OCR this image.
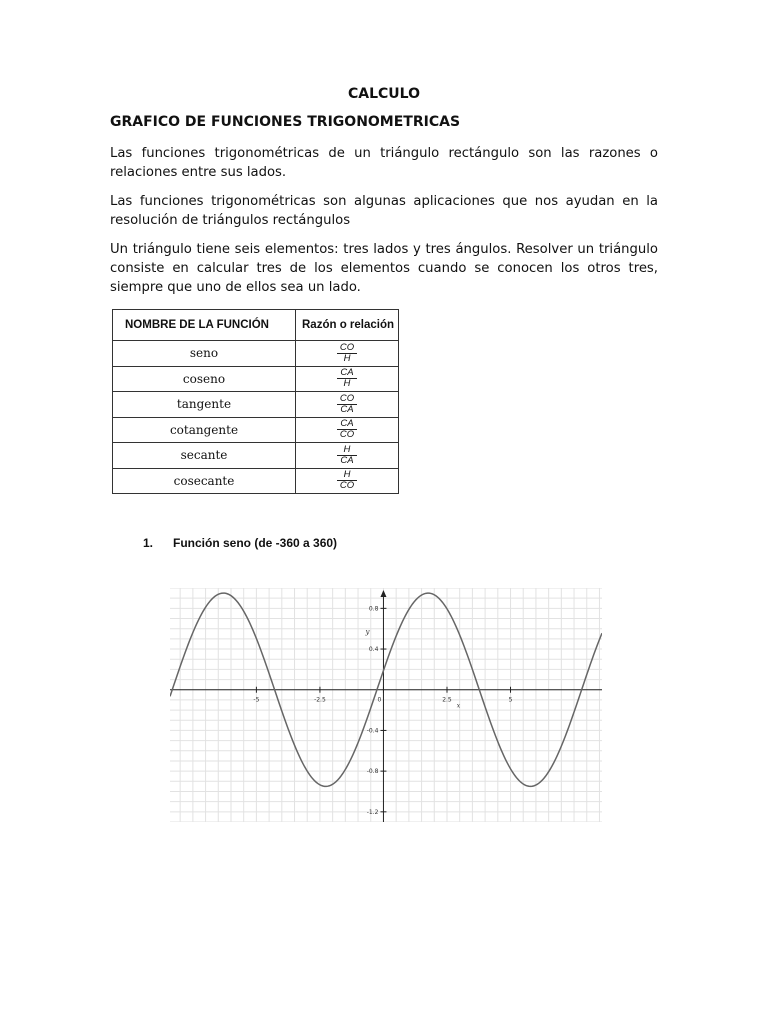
CALCULO
GRAFICO DE FUNCIONES TRIGONOMETRICAS
Las funciones trigonométricas de un triángulo rectángulo son las razones o relaciones entre sus lados.
Las funciones trigonométricas son algunas aplicaciones que nos ayudan en la resolución de triángulos rectángulos
Un triángulo tiene seis elementos: tres lados y tres ángulos. Resolver un triángulo consiste en calcular tres de los elementos cuando se conocen los otros tres, siempre que uno de ellos sea un lado.
NOMBRE DE LA FUNCIÓN	Razón o relación
seno	$\frac{CO}{H}$

coseno	$\frac{CA}{H}$

tangente	$\frac{CO}{CA}$

cotangente	$\frac{CA}{CO}$

secante	$\frac{H}{CA}$

cosecante	$\frac{H}{CO}$
1. Función seno (de -360 a 360)
-5	-2.5	0	2.5	5
0.8
0.4
-0.4
-0.8
-1.2
x
y
